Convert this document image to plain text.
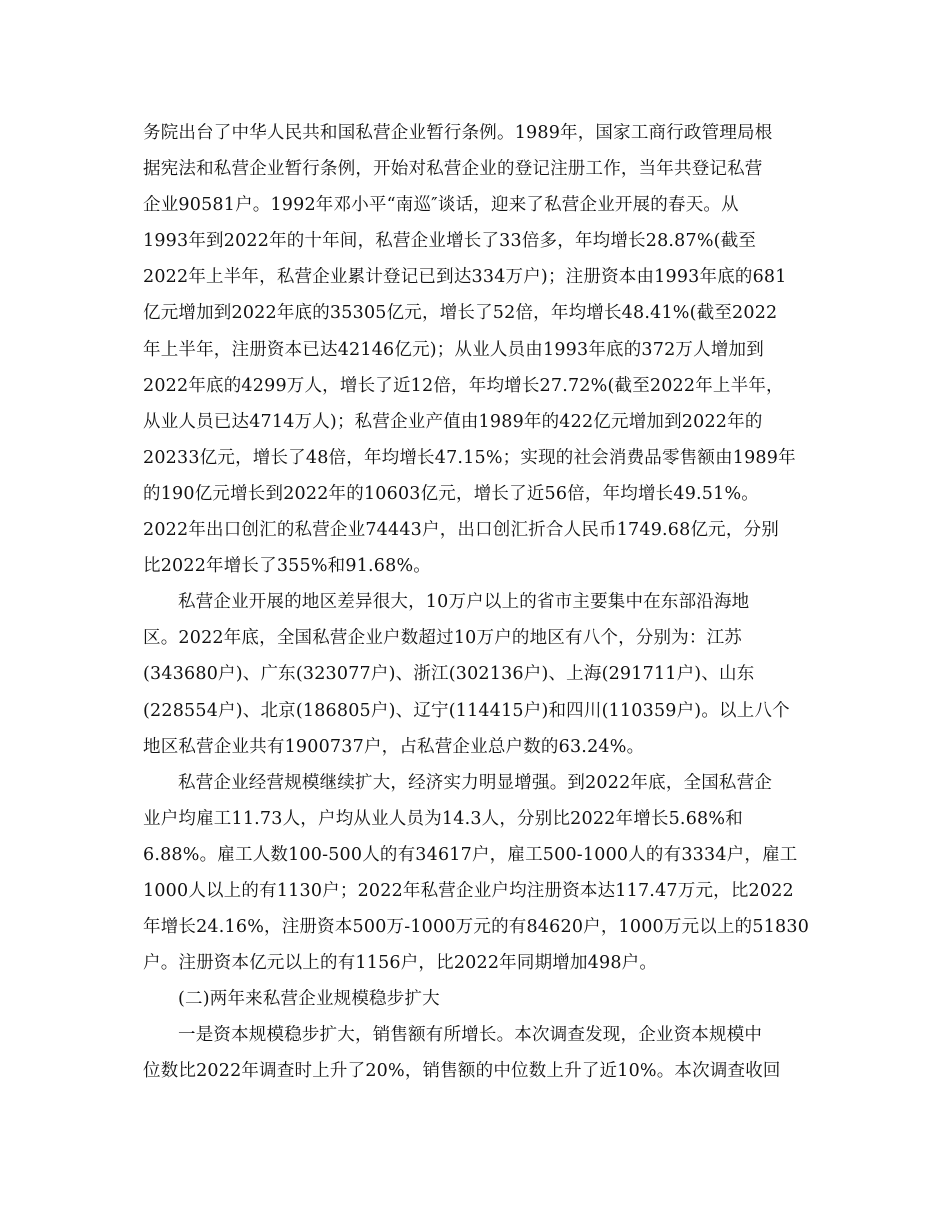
务院出台了中华人民共和国私营企业暂行条例。1989年，国家工商行政管理局根
据宪法和私营企业暂行条例，开始对私营企业的登记注册工作，当年共登记私营
企业90581户。1992年邓小平“南巡″谈话，迎来了私营企业开展的春天。从
1993年到2022年的十年间，私营企业增长了33倍多，年均增长28.87%(截至
2022年上半年，私营企业累计登记已到达334万户)；注册资本由1993年底的681
亿元增加到2022年底的35305亿元，增长了52倍，年均增长48.41%(截至2022
年上半年，注册资本已达42146亿元)；从业人员由1993年底的372万人增加到
2022年底的4299万人，增长了近12倍，年均增长27.72%(截至2022年上半年，
从业人员已达4714万人)；私营企业产值由1989年的422亿元增加到2022年的
20233亿元，增长了48倍，年均增长47.15%；实现的社会消费品零售额由1989年
的190亿元增长到2022年的10603亿元，增长了近56倍，年均增长49.51%。
2022年出口创汇的私营企业74443户，出口创汇折合人民币1749.68亿元，分别
比2022年增长了355%和91.68%。
私营企业开展的地区差异很大，10万户以上的省市主要集中在东部沿海地
区。2022年底，全国私营企业户数超过10万户的地区有八个，分别为：江苏
(343680户)、广东(323077户)、浙江(302136户)、上海(291711户)、山东
(228554户)、北京(186805户)、辽宁(114415户)和四川(110359户)。以上八个
地区私营企业共有1900737户，占私营企业总户数的63.24%。
私营企业经营规模继续扩大，经济实力明显增强。到2022年底，全国私营企
业户均雇工11.73人，户均从业人员为14.3人，分别比2022年增长5.68%和
6.88%。雇工人数100-500人的有34617户，雇工500-1000人的有3334户，雇工
1000人以上的有1130户；2022年私营企业户均注册资本达117.47万元，比2022
年增长24.16%，注册资本500万-1000万元的有84620户，1000万元以上的51830
户。注册资本亿元以上的有1156户，比2022年同期增加498户。
(二)两年来私营企业规模稳步扩大
一是资本规模稳步扩大，销售额有所增长。本次调查发现，企业资本规模中
位数比2022年调查时上升了20%，销售额的中位数上升了近10%。本次调查收回
